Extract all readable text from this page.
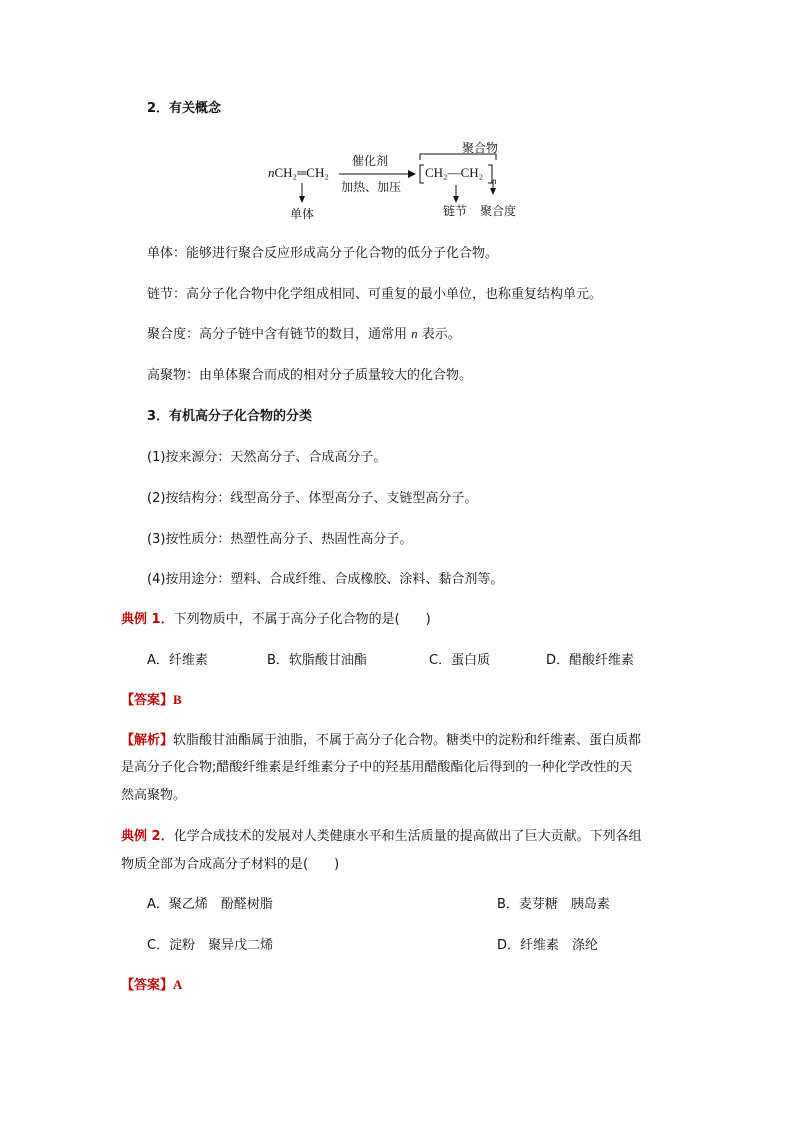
2．有关概念
nCH₂═CH₂
催化剂
加热、加压
聚合物
CH₂—CH₂
n
单体	链节 聚合度
单体：能够进行聚合反应形成高分子化合物的低分子化合物。
链节：高分子化合物中化学组成相同、可重复的最小单位，也称重复结构单元。
聚合度：高分子链中含有链节的数目，通常用 n 表示。
高聚物：由单体聚合而成的相对分子质量较大的化合物。
3．有机高分子化合物的分类
(1)按来源分：天然高分子、合成高分子。
(2)按结构分：线型高分子、体型高分子、支链型高分子。
(3)按性质分：热塑性高分子、热固性高分子。
(4)按用途分：塑料、合成纤维、合成橡胶、涂料、黏合剂等。
典例 1．下列物质中，不属于高分子化合物的是(　　)
A．纤维素	B．软脂酸甘油酯	C．蛋白质	D．醋酸纤维素
【答案】B
【解析】软脂酸甘油酯属于油脂，不属于高分子化合物。糖类中的淀粉和纤维素、蛋白质都
是高分子化合物;醋酸纤维素是纤维素分子中的羟基用醋酸酯化后得到的一种化学改性的天
然高聚物。
典例 2．化学合成技术的发展对人类健康水平和生活质量的提高做出了巨大贡献。下列各组
物质全部为合成高分子材料的是(　　)
A．聚乙烯　酚醛树脂	B．麦芽糖　胰岛素
C．淀粉　聚异戊二烯	D．纤维素　涤纶
【答案】A
